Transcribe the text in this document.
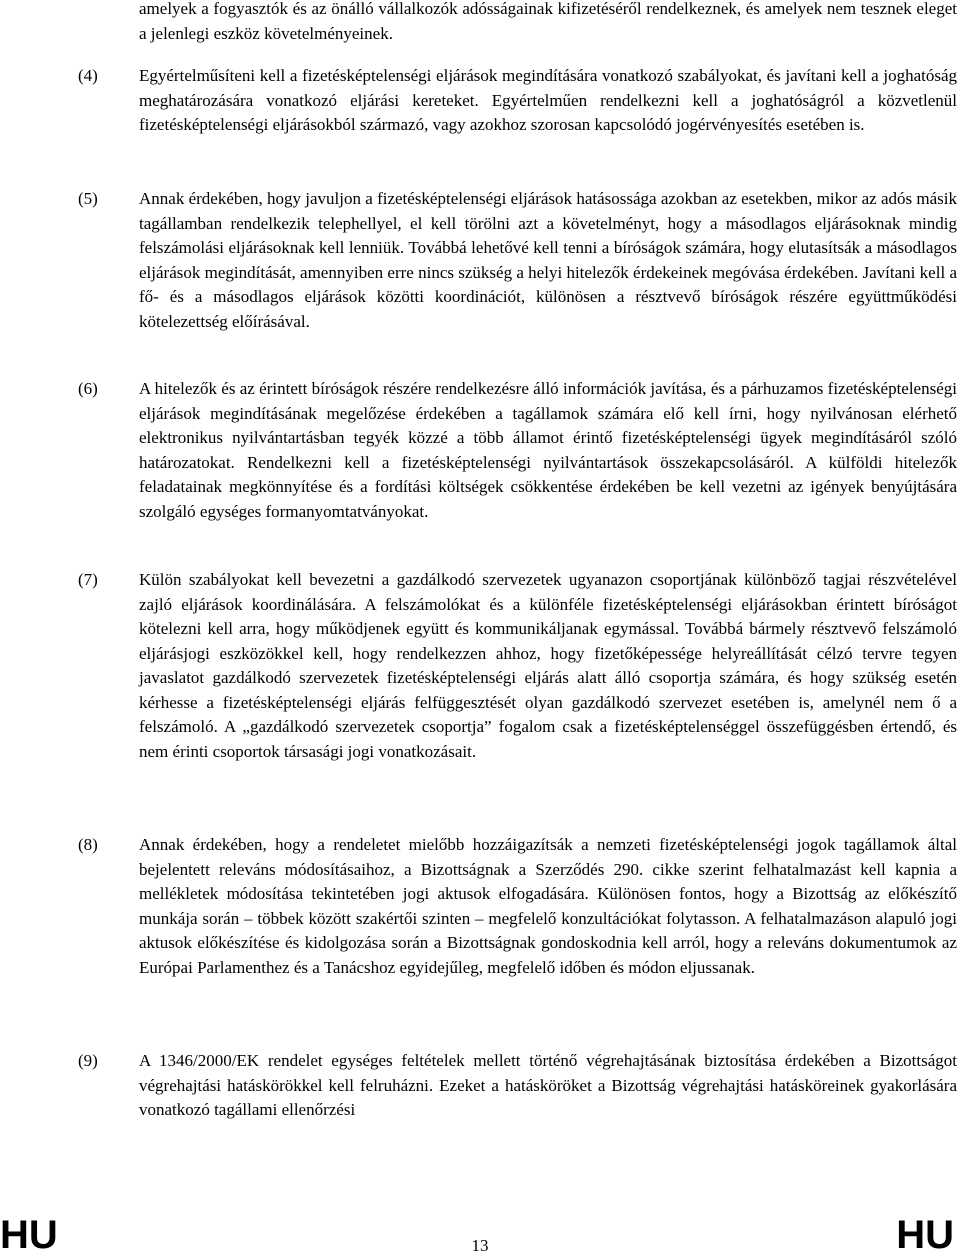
amelyek a fogyasztók és az önálló vállalkozók adósságainak kifizetéséről rendelkeznek, és amelyek nem tesznek eleget a jelenlegi eszköz követelményeinek.
(4) Egyértelműsíteni kell a fizetésképtelenségi eljárások megindítására vonatkozó szabályokat, és javítani kell a joghatóság meghatározására vonatkozó eljárási kereteket. Egyértelműen rendelkezni kell a joghatóságról a közvetlenül fizetésképtelenségi eljárásokból származó, vagy azokhoz szorosan kapcsolódó jogérvényesítés esetében is.
(5) Annak érdekében, hogy javuljon a fizetésképtelenségi eljárások hatásossága azokban az esetekben, mikor az adós másik tagállamban rendelkezik telephellyel, el kell törölni azt a követelményt, hogy a másodlagos eljárásoknak mindig felszámolási eljárásoknak kell lenniük. Továbbá lehetővé kell tenni a bíróságok számára, hogy elutasítsák a másodlagos eljárások megindítását, amennyiben erre nincs szükség a helyi hitelezők érdekeinek megóvása érdekében. Javítani kell a fő- és a másodlagos eljárások közötti koordinációt, különösen a résztvevő bíróságok részére együttműködési kötelezettség előírásával.
(6) A hitelezők és az érintett bíróságok részére rendelkezésre álló információk javítása, és a párhuzamos fizetésképtelenségi eljárások megindításának megelőzése érdekében a tagállamok számára elő kell írni, hogy nyilvánosan elérhető elektronikus nyilvántartásban tegyék közzé a több államot érintő fizetésképtelenségi ügyek megindításáról szóló határozatokat. Rendelkezni kell a fizetésképtelenségi nyilvántartások összekapcsolásáról. A külföldi hitelezők feladatainak megkönnyítése és a fordítási költségek csökkentése érdekében be kell vezetni az igények benyújtására szolgáló egységes formanyomtatványokat.
(7) Külön szabályokat kell bevezetni a gazdálkodó szervezetek ugyanazon csoportjának különböző tagjai részvételével zajló eljárások koordinálására. A felszámolókat és a különféle fizetésképtelenségi eljárásokban érintett bíróságot kötelezni kell arra, hogy működjenek együtt és kommunikáljanak egymással. Továbbá bármely résztvevő felszámoló eljárásjogi eszközökkel kell, hogy rendelkezzen ahhoz, hogy fizetőképessége helyreállítását célzó tervre tegyen javaslatot gazdálkodó szervezetek fizetésképtelenségi eljárás alatt álló csoportja számára, és hogy szükség esetén kérhesse a fizetésképtelenségi eljárás felfüggesztését olyan gazdálkodó szervezet esetében is, amelynél nem ő a felszámoló. A „gazdálkodó szervezetek csoportja” fogalom csak a fizetésképtelenséggel összefüggésben értendő, és nem érinti csoportok társasági jogi vonatkozásait.
(8) Annak érdekében, hogy a rendeletet mielőbb hozzáigazítsák a nemzeti fizetésképtelenségi jogok tagállamok által bejelentett releváns módosításaihoz, a Bizottságnak a Szerződés 290. cikke szerint felhatalmazást kell kapnia a mellékletek módosítása tekintetében jogi aktusok elfogadására. Különösen fontos, hogy a Bizottság az előkészítő munkája során – többek között szakértői szinten – megfelelő konzultációkat folytasson. A felhatalmazáson alapuló jogi aktusok előkészítése és kidolgozása során a Bizottságnak gondoskodnia kell arról, hogy a releváns dokumentumok az Európai Parlamenthez és a Tanácshoz egyidejűleg, megfelelő időben és módon eljussanak.
(9) A 1346/2000/EK rendelet egységes feltételek mellett történő végrehajtásának biztosítása érdekében a Bizottságot végrehajtási hatáskörökkel kell felruházni. Ezeket a hatásköröket a Bizottság végrehajtási hatásköreinek gyakorlására vonatkozó tagállami ellenőrzési
HU	13	HU
